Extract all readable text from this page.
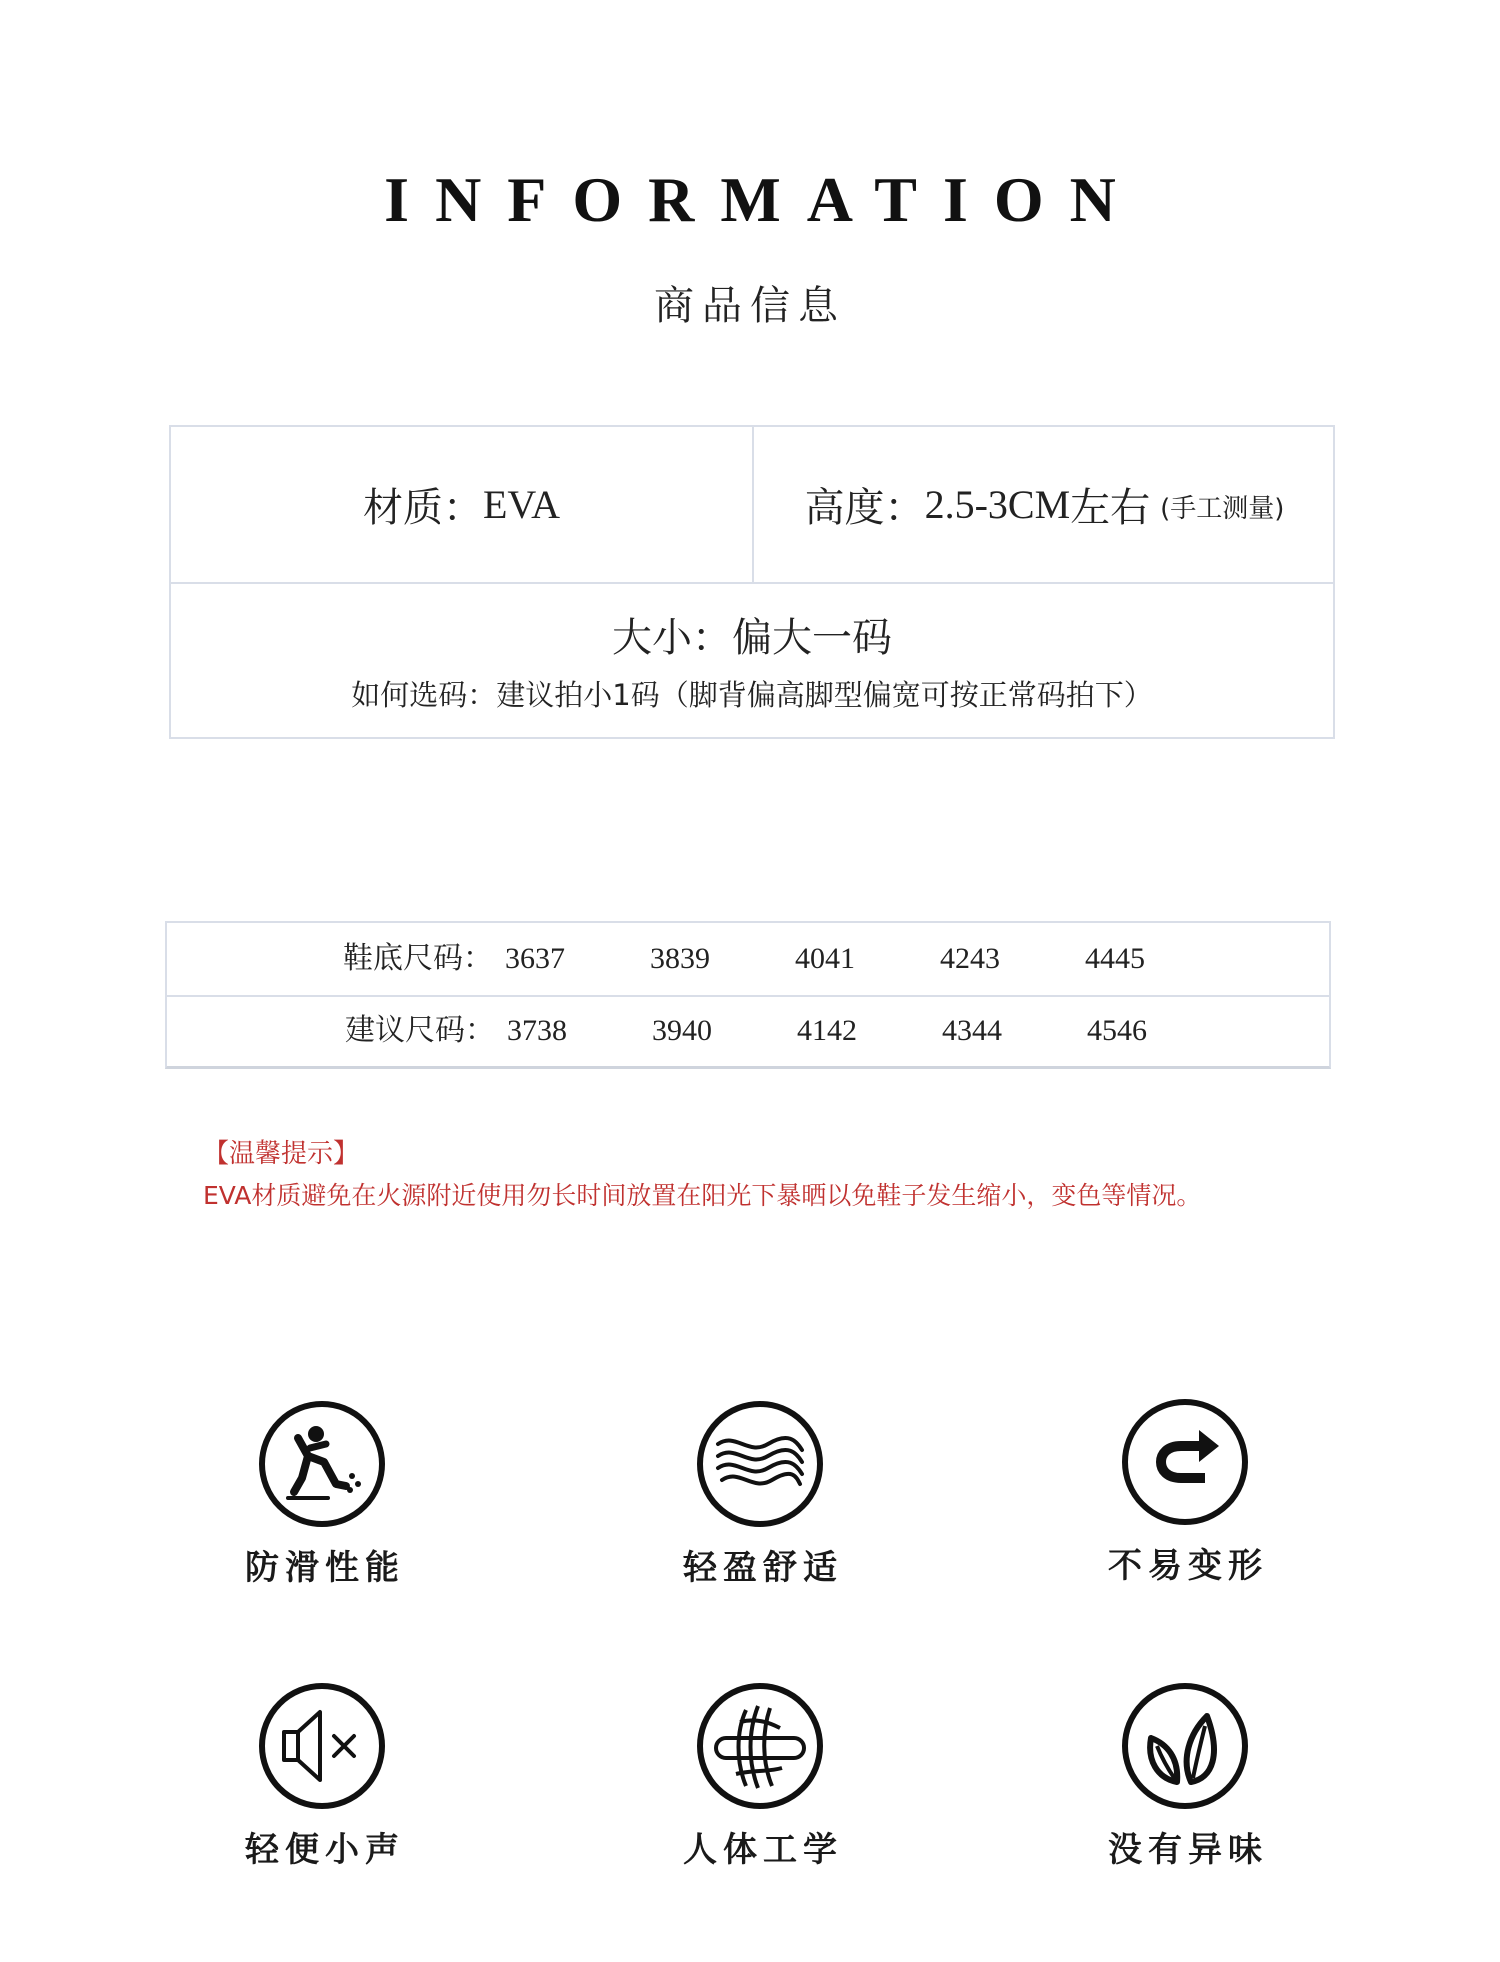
INFORMATION
商品信息
材质： EVA	高度： 2.5-3CM 左右 (手工测量)
大小：偏大一码
如何选码：建议拍小1码（脚背偏高脚型偏宽可按正常码拍下）
鞋底尺码： 3637	3839	4041	4243	4445
建议尺码： 3738	3940	4142	4344	4546
【温馨提示】
EVA材质避免在火源附近使用勿长时间放置在阳光下暴晒以免鞋子发生缩小，变色等情况。
防滑性能	轻盈舒适	不易变形
轻便小声	人体工学	没有异味
